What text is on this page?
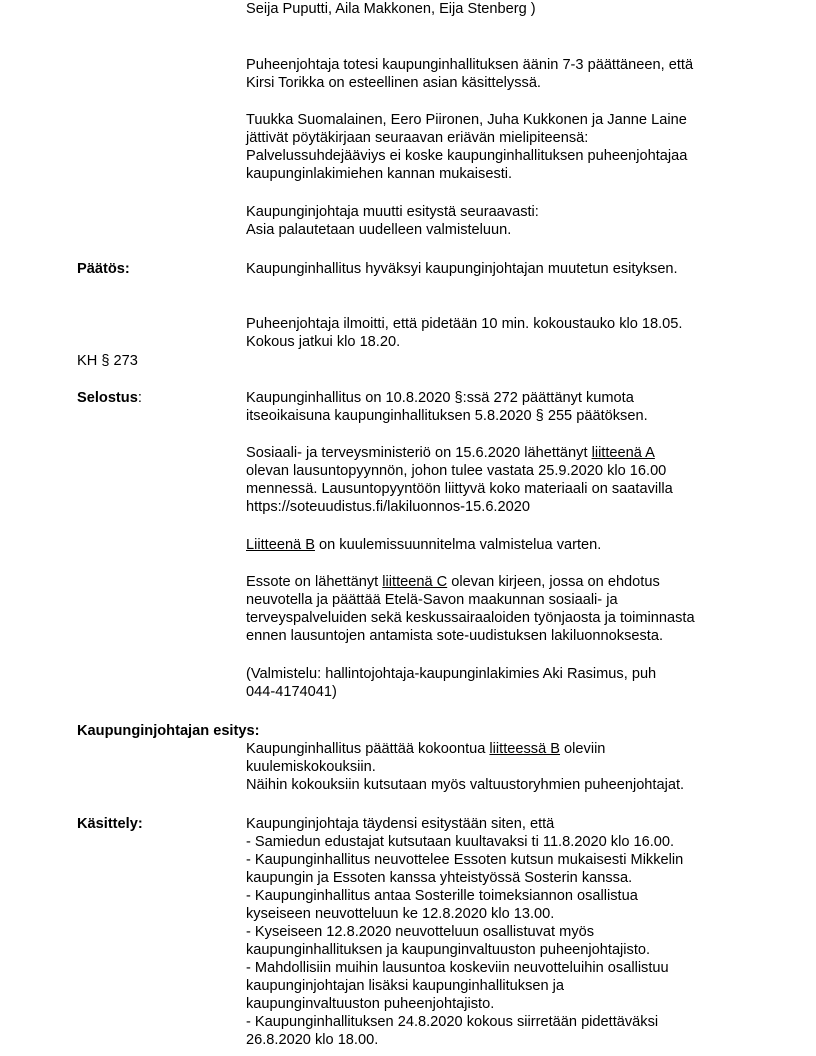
Seija Puputti, Aila Makkonen, Eija Stenberg )
Puheenjohtaja totesi kaupunginhallituksen äänin 7-3 päättäneen, että
Kirsi Torikka on esteellinen asian käsittelyssä.
Tuukka Suomalainen, Eero Piironen, Juha Kukkonen ja Janne Laine
jättivät pöytäkirjaan seuraavan eriävän mielipiteensä:
Palvelussuhdejäävi﻿ys ei koske kaupunginhallituksen puheenjohtajaa
kaupunginlakimiehen kannan mukaisesti.
Kaupunginjohtaja muutti esitystä seuraavasti:
Asia palautetaan uudelleen valmisteluun.
Päätös:	Kaupunginhallitus hyväksyi kaupunginjohtajan muutetun esityksen.
Puheenjohtaja ilmoitti, että pidetään 10 min. kokoustauko klo 18.05.
Kokous jatkui klo 18.20.
KH § 273
Selostus:	Kaupunginhallitus on 10.8.2020 §:ssä 272 päättänyt kumota
itseoikaisuna kaupunginhallituksen 5.8.2020 § 255 päätöksen.
Sosiaali- ja terveysministeriö on 15.6.2020 lähettänyt liitteenä A
olevan lausuntopyynnön, johon tulee vastata 25.9.2020 klo 16.00
mennessä. Lausuntopyyntöön liittyvä koko materiaali on saatavilla
https://soteuudistus.fi/lakiluonnos-15.6.2020
Liitteenä B on kuulemissuunnitelma valmistelua varten.
Essote on lähettänyt liitteenä C olevan kirjeen, jossa on ehdotus
neuvotella ja päättää Etelä-Savon maakunnan sosiaali- ja
terveyspalveluiden sekä keskussairaaloiden työnjaosta ja toiminnasta
ennen lausuntojen antamista sote-uudistuksen lakiluonnoksesta.
(Valmistelu: hallintojohtaja-kaupunginlakimies Aki Rasimus, puh
044-4174041)
Kaupunginjohtajan esitys:
Kaupunginhallitus päättää kokoontua liitteessä B oleviin
kuulemiskokouksiin.
Näihin kokouksiin kutsutaan myös valtuustoryhmien puheenjohtajat.
Käsittely:	Kaupunginjohtaja täydensi esitystään siten, että
- Samiedun edustajat kutsutaan kuultavaksi ti 11.8.2020 klo 16.00.
- Kaupunginhallitus neuvottelee Essoten kutsun mukaisesti Mikkelin
kaupungin ja Essoten kanssa yhteistyössä Sosterin kanssa.
- Kaupunginhallitus antaa Sosterille toimeksiannon osallistua
kyseiseen neuvotteluun ke 12.8.2020 klo 13.00.
- Kyseiseen 12.8.2020 neuvotteluun osallistuvat myös
kaupunginhallituksen ja kaupunginvaltuuston puheenjohtajisto.
- Mahdollisiin muihin lausuntoa koskeviin neuvotteluihin osallistuu
kaupunginjohtajan lisäksi kaupunginhallituksen ja
kaupunginvaltuuston puheenjohtajisto.
- Kaupunginhallituksen 24.8.2020 kokous siirretään pidettäväksi
26.8.2020 klo 18.00.
